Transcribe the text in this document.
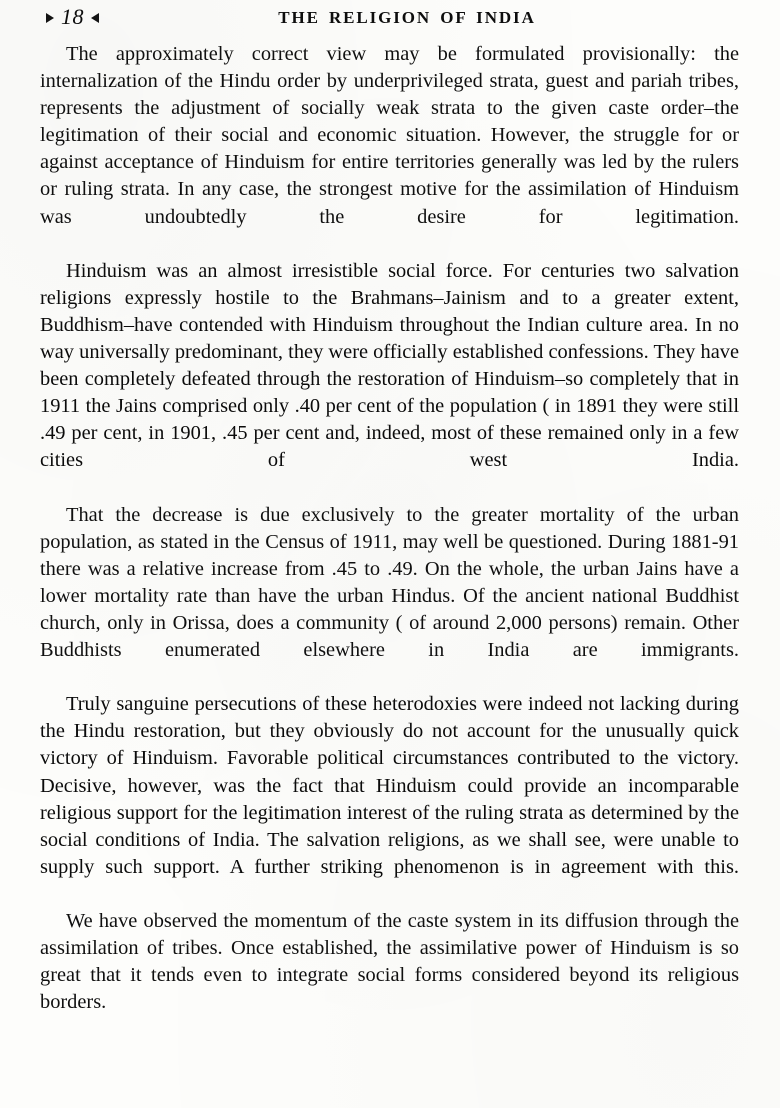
18	THE RELIGION OF INDIA

The approximately correct view may be formulated provisionally: the internalization of the Hindu order by underprivileged strata, guest and pariah tribes, represents the adjustment of socially weak strata to the given caste order–the legitimation of their social and economic situation. However, the struggle for or against acceptance of Hinduism for entire territories generally was led by the rulers or ruling strata. In any case, the strongest motive for the assimilation of Hinduism was undoubtedly the desire for legitimation.

Hinduism was an almost irresistible social force. For centuries two salvation religions expressly hostile to the Brahmans–Jainism and to a greater extent, Buddhism–have contended with Hinduism throughout the Indian culture area. In no way universally predominant, they were officially established confessions. They have been completely defeated through the restoration of Hinduism–so completely that in 1911 the Jains comprised only .40 per cent of the population ( in 1891 they were still .49 per cent, in 1901, .45 per cent and, indeed, most of these remained only in a few cities of west India.

That the decrease is due exclusively to the greater mortality of the urban population, as stated in the Census of 1911, may well be questioned. During 1881-91 there was a relative increase from .45 to .49. On the whole, the urban Jains have a lower mortality rate than have the urban Hindus. Of the ancient national Buddhist church, only in Orissa, does a community ( of around 2,000 persons) remain. Other Buddhists enumerated elsewhere in India are immigrants.

Truly sanguine persecutions of these heterodoxies were indeed not lacking during the Hindu restoration, but they obviously do not account for the unusually quick victory of Hinduism. Favorable political circumstances contributed to the victory. Decisive, however, was the fact that Hinduism could provide an incomparable religious support for the legitimation interest of the ruling strata as determined by the social conditions of India. The salvation religions, as we shall see, were unable to supply such support. A further striking phenomenon is in agreement with this.

We have observed the momentum of the caste system in its diffusion through the assimilation of tribes. Once established, the assimilative power of Hinduism is so great that it tends even to integrate social forms considered beyond its religious borders.
